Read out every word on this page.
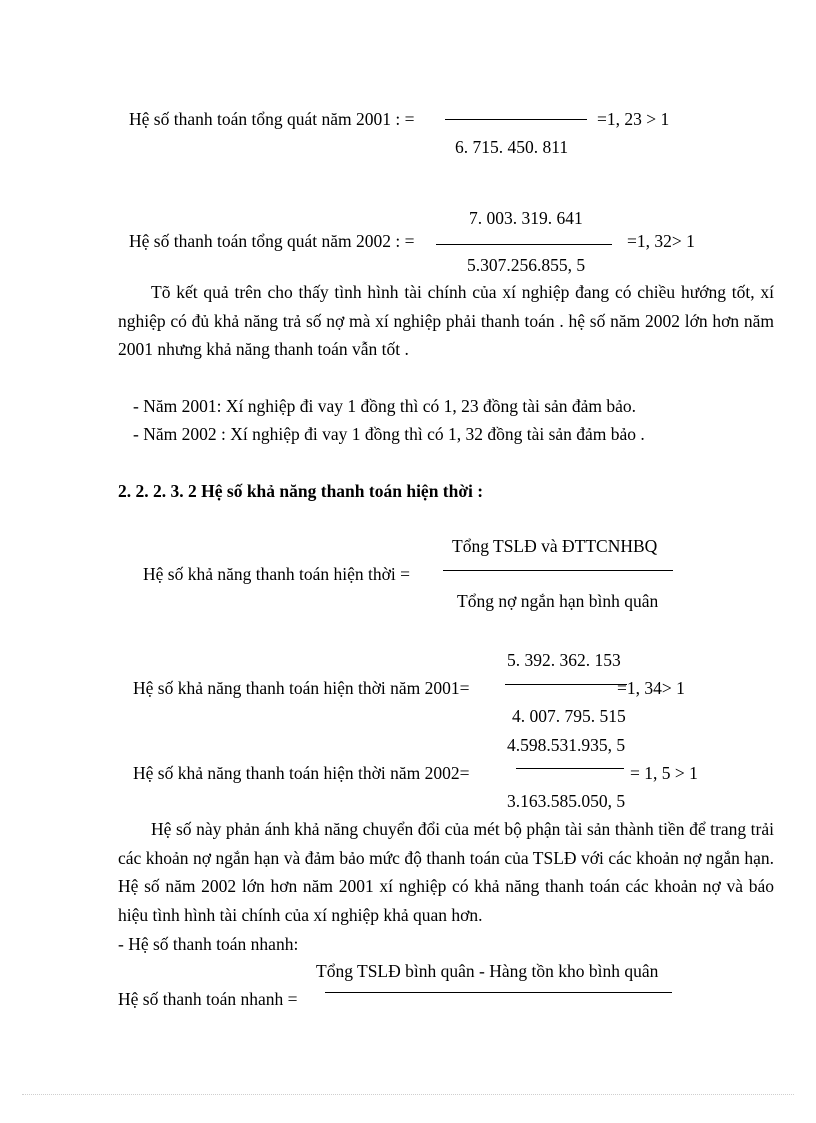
Hệ số thanh toán tổng quát năm 2001 : =	=1, 23 > 1
6. 715. 450. 811
7. 003. 319. 641
Hệ số thanh toán tổng quát năm 2002 : =	=1, 32> 1
5.307.256.855, 5
Tõ kết quả trên cho thấy tình hình tài chính của xí nghiệp đang có chiều hướng tốt, xí nghiệp có đủ khả năng trả số nợ mà xí nghiệp phải thanh toán . hệ số năm 2002 lớn hơn năm 2001 nhưng khả năng thanh toán vẫn tốt .
- Năm 2001: Xí nghiệp đi vay 1 đồng thì có 1, 23 đồng tài sản đảm bảo.
- Năm 2002 : Xí nghiệp đi vay 1 đồng thì có 1, 32 đồng tài sản đảm bảo .
2. 2. 2. 3. 2 Hệ số khả năng thanh toán hiện thời :
Tổng TSLĐ và ĐTTCNHBQ
Hệ số khả năng thanh toán hiện thời =
Tổng nợ ngắn hạn bình quân
5. 392. 362. 153
Hệ số khả năng thanh toán hiện thời năm 2001=	=1, 34> 1
4. 007. 795. 515
4.598.531.935, 5
Hệ số khả năng thanh toán hiện thời năm 2002=	= 1, 5 > 1
3.163.585.050, 5
Hệ số này phản ánh khả năng chuyển đổi của mét bộ phận tài sản thành tiền để trang trải các khoản nợ ngắn hạn và đảm bảo mức độ thanh toán của TSLĐ với các khoản nợ ngắn hạn. Hệ số năm 2002 lớn hơn năm 2001 xí nghiệp có khả năng thanh toán các khoản nợ và báo hiệu tình hình tài chính của xí nghiệp khả quan hơn.
- Hệ số thanh toán nhanh:
Tổng TSLĐ bình quân - Hàng tồn kho bình quân
Hệ số thanh toán nhanh =
